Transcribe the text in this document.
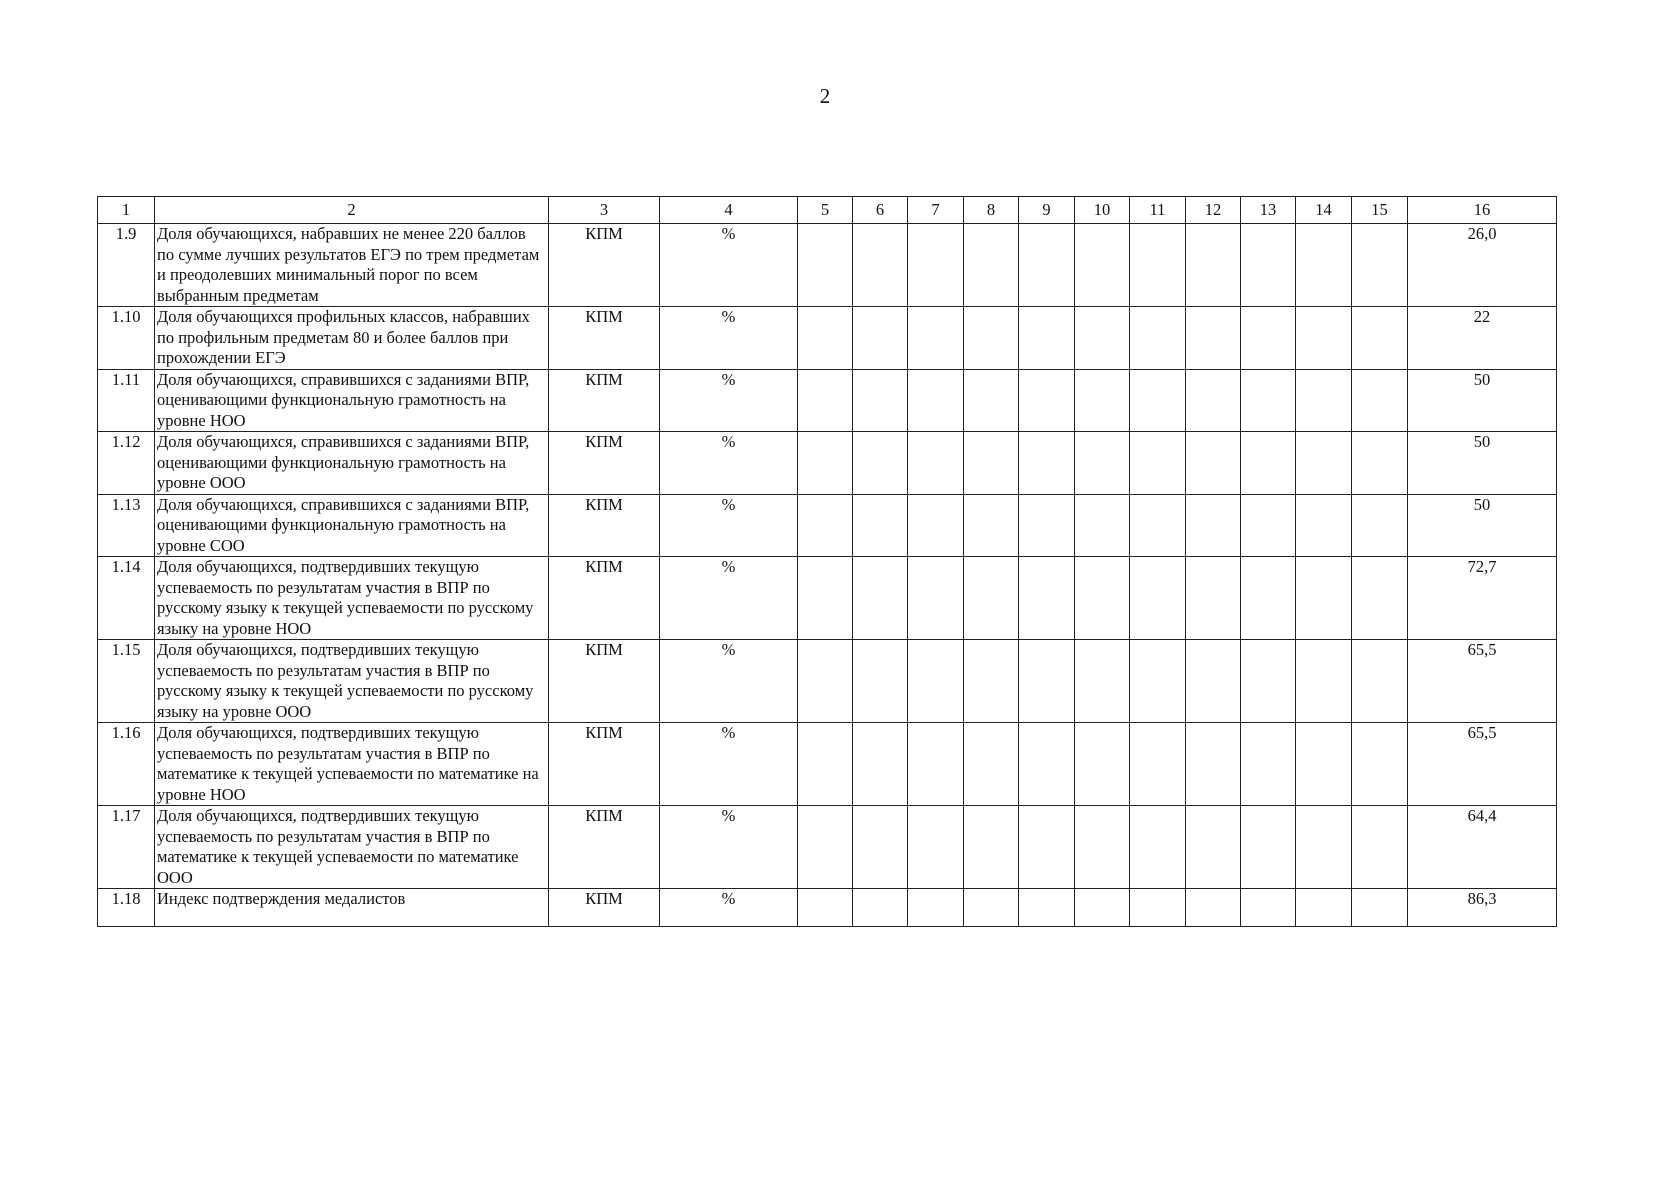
2
1	2	3	4	5	6	7	8	9	10	11	12	13	14	15	16
1.9	Доля обучающихся, набравших не менее 220 баллов по сумме лучших результатов ЕГЭ по трем предметам и преодолевших минимальный порог по всем выбранным предметам	КПМ	%												26,0
1.10	Доля обучающихся профильных классов, набравших по профильным предметам 80 и более баллов при прохождении ЕГЭ	КПМ	%												22
1.11	Доля обучающихся, справившихся с заданиями ВПР, оценивающими функциональную грамотность на уровне НОО	КПМ	%												50
1.12	Доля обучающихся, справившихся с заданиями ВПР, оценивающими функциональную грамотность на уровне ООО	КПМ	%												50
1.13	Доля обучающихся, справившихся с заданиями ВПР, оценивающими функциональную грамотность на уровне СОО	КПМ	%												50
1.14	Доля обучающихся, подтвердивших текущую успеваемость по результатам участия в ВПР по русскому языку к текущей успеваемости по русскому языку на уровне НОО	КПМ	%												72,7
1.15	Доля обучающихся, подтвердивших текущую успеваемость по результатам участия в ВПР по русскому языку к текущей успеваемости по русскому языку на уровне ООО	КПМ	%												65,5
1.16	Доля обучающихся, подтвердивших текущую успеваемость по результатам участия в ВПР по математике к текущей успеваемости по математике на уровне НОО	КПМ	%												65,5
1.17	Доля обучающихся, подтвердивших текущую успеваемость по результатам участия в ВПР по математике к текущей успеваемости по математике ООО	КПМ	%												64,4
1.18	Индекс подтверждения медалистов	КПМ	%												86,3
